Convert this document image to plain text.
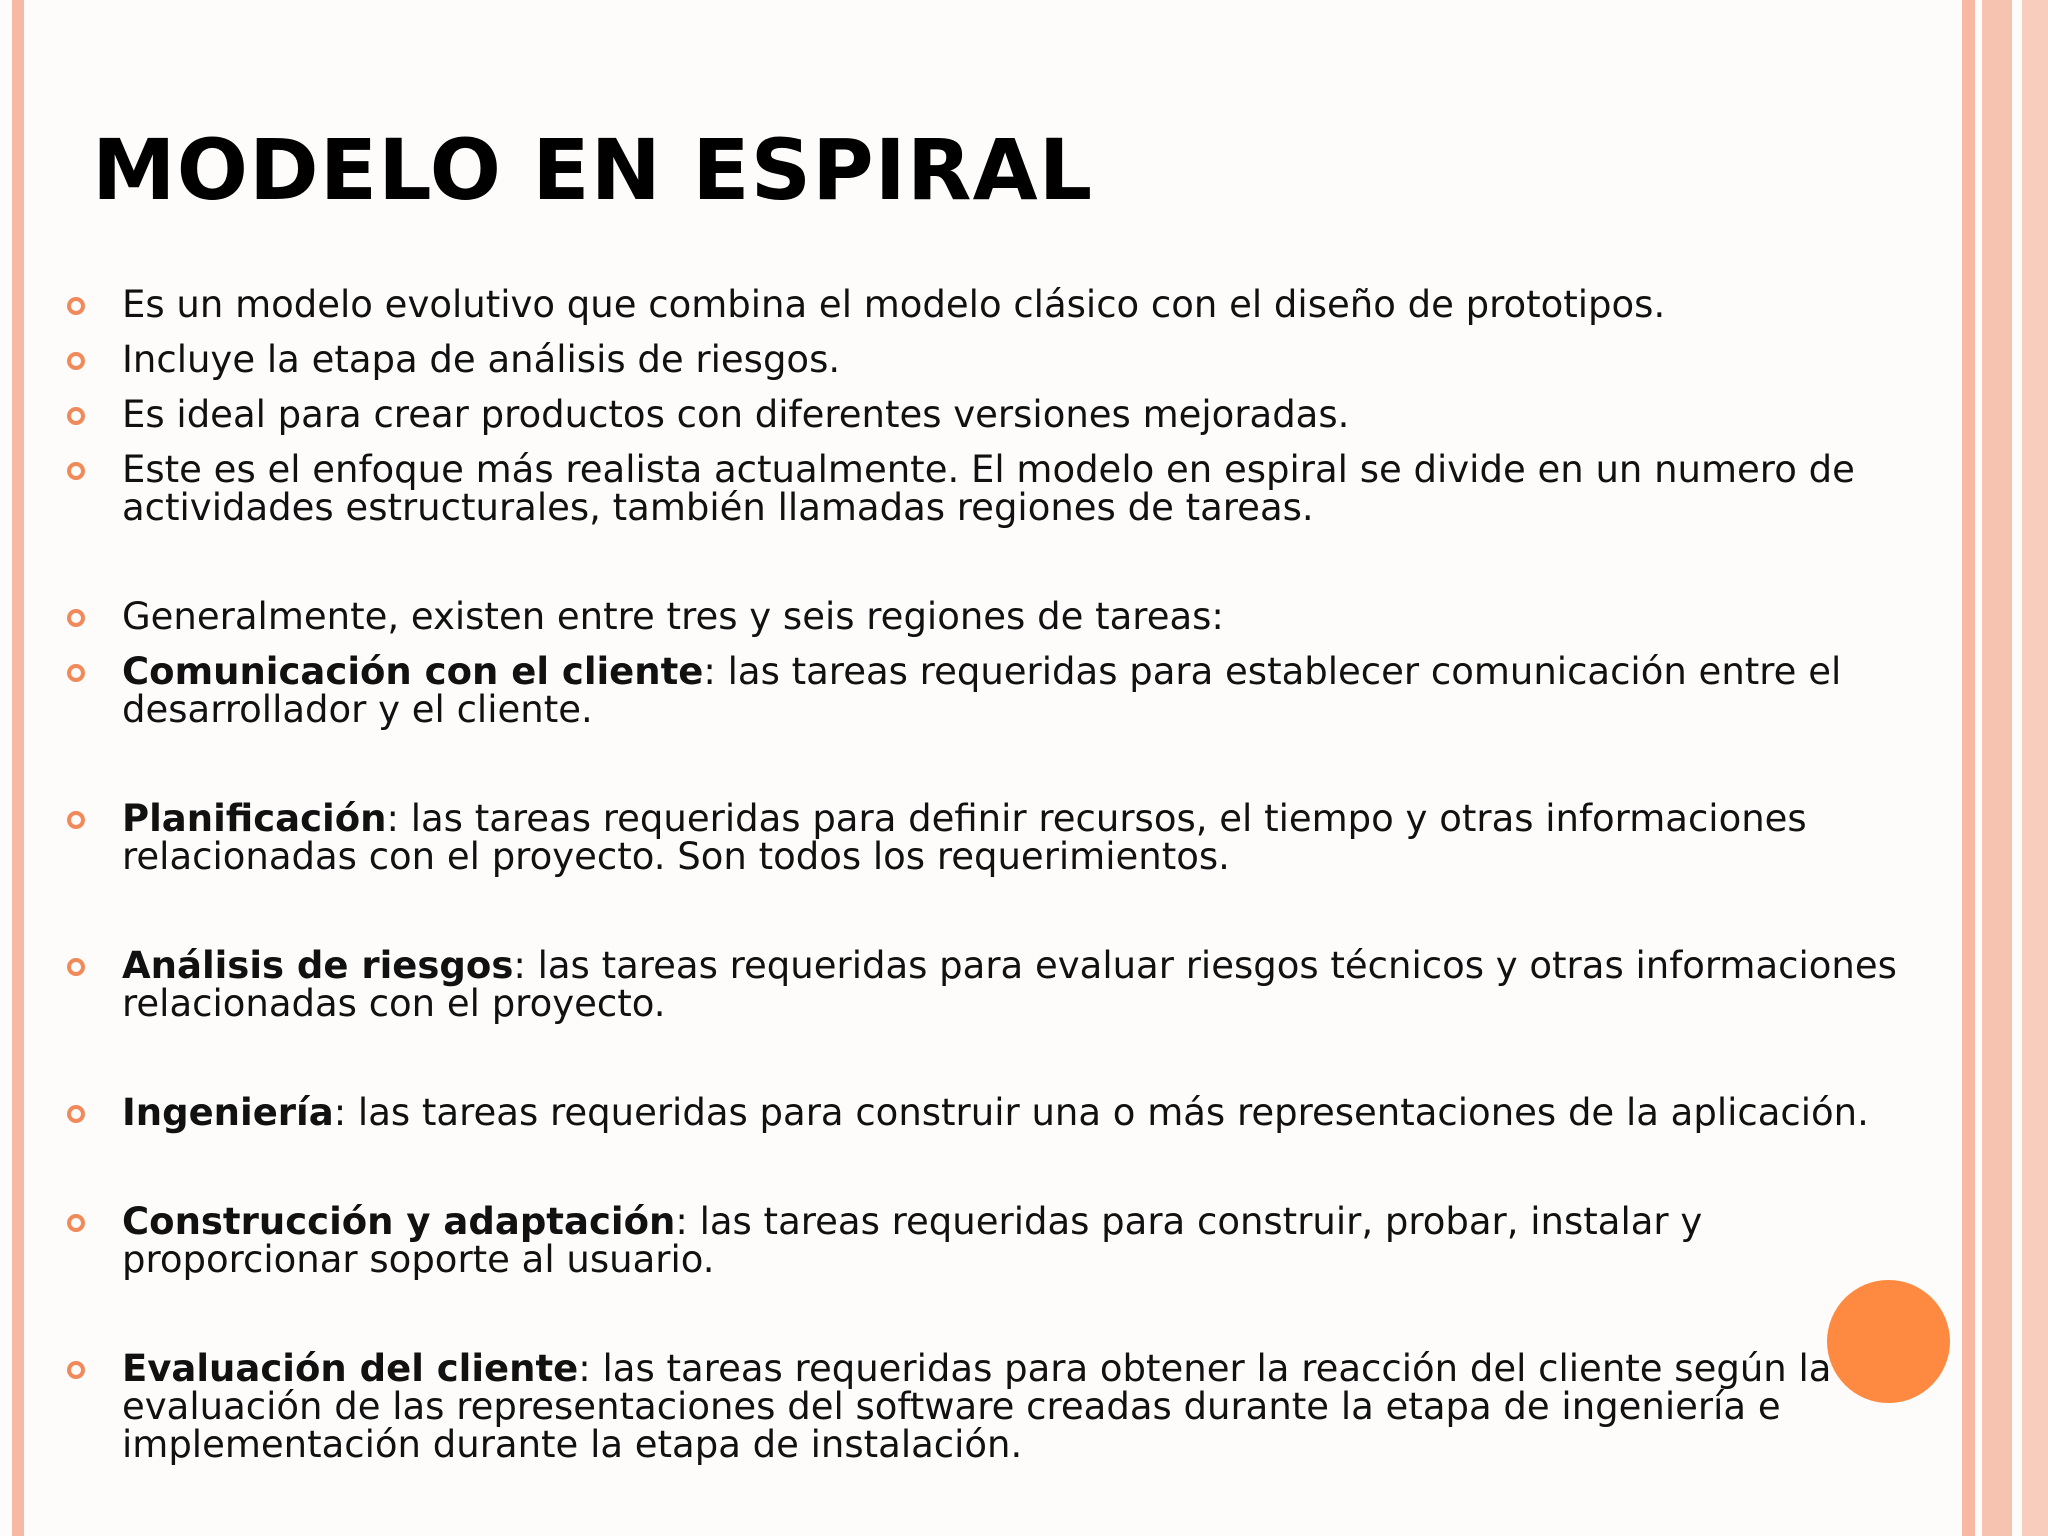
MODELO EN ESPIRAL
Es un modelo evolutivo que combina el modelo clásico con el diseño de prototipos.
Incluye la etapa de análisis de riesgos.
Es ideal para crear productos con diferentes versiones mejoradas.
Este es el enfoque más realista actualmente. El modelo en espiral se divide en un numero de actividades estructurales, también llamadas regiones de tareas.
Generalmente, existen entre tres y seis regiones de tareas:
Comunicación con el cliente: las tareas requeridas para establecer comunicación entre el desarrollador y el cliente.
Planificación: las tareas requeridas para definir recursos, el tiempo y otras informaciones relacionadas con el proyecto. Son todos los requerimientos.
Análisis de riesgos: las tareas requeridas para evaluar riesgos técnicos y otras informaciones relacionadas con el proyecto.
Ingeniería: las tareas requeridas para construir una o más representaciones de la aplicación.
Construcción y adaptación: las tareas requeridas para construir, probar, instalar y proporcionar soporte al usuario.
Evaluación del cliente: las tareas requeridas para obtener la reacción del cliente según la evaluación de las representaciones del software creadas durante la etapa de ingeniería e implementación durante la etapa de instalación.
